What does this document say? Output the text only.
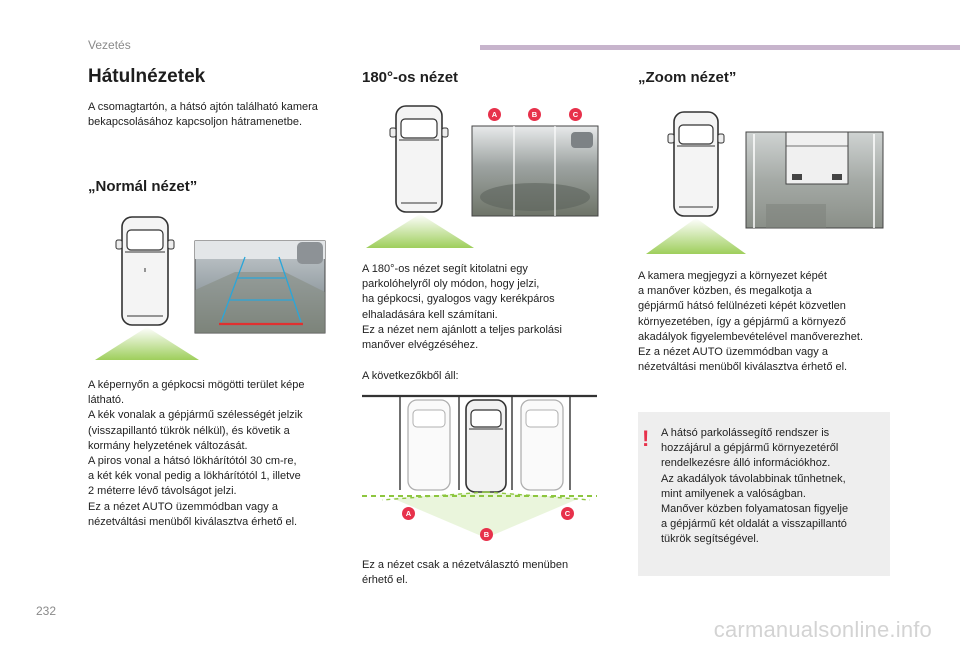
Vezetés
Hátulnézetek

A csomagtartón, a hátsó ajtón található kamera
bekapcsolásához kapcsoljon hátramenetbe.

„Normál nézet”

A képernyőn a gépkocsi mögötti terület képe
látható.
A kék vonalak a gépjármű szélességét jelzik
(visszapillantó tükrök nélkül), és követik a
kormány helyzetének változását.
A piros vonal a hátsó lökhárítótól 30 cm-re,
a két kék vonal pedig a lökhárítótól 1, illetve
2 méterre lévő távolságot jelzi.
Ez a nézet AUTO üzemmódban vagy a
nézetváltási menüből kiválasztva érhető el.

180°-os nézet
A	B	C

A 180°-os nézet segít kitolatni egy
parkolóhelyről oly módon, hogy jelzi,
ha gépkocsi, gyalogos vagy kerékpáros
elhaladására kell számítani.
Ez a nézet nem ajánlott a teljes parkolási
manőver elvégzéséhez.

A következőkből áll:

A
B
C

Ez a nézet csak a nézetválasztó menüben
érhető el.

„Zoom nézet”

A kamera megjegyzi a környezet képét
a manőver közben, és megalkotja a
gépjármű hátsó felülnézeti képét közvetlen
környezetében, így a gépjármű a környező
akadályok figyelembevételével manőverezhet.
Ez a nézet AUTO üzemmódban vagy a
nézetváltási menüből kiválasztva érhető el.

! A hátsó parkolássegítő rendszer is
hozzájárul a gépjármű környezetéről
rendelkezésre álló információkhoz.
Az akadályok távolabbinak tűnhetnek,
mint amilyenek a valóságban.
Manőver közben folyamatosan figyelje
a gépjármű két oldalát a visszapillantó
tükrök segítségével.

232
carmanualsonline.info
